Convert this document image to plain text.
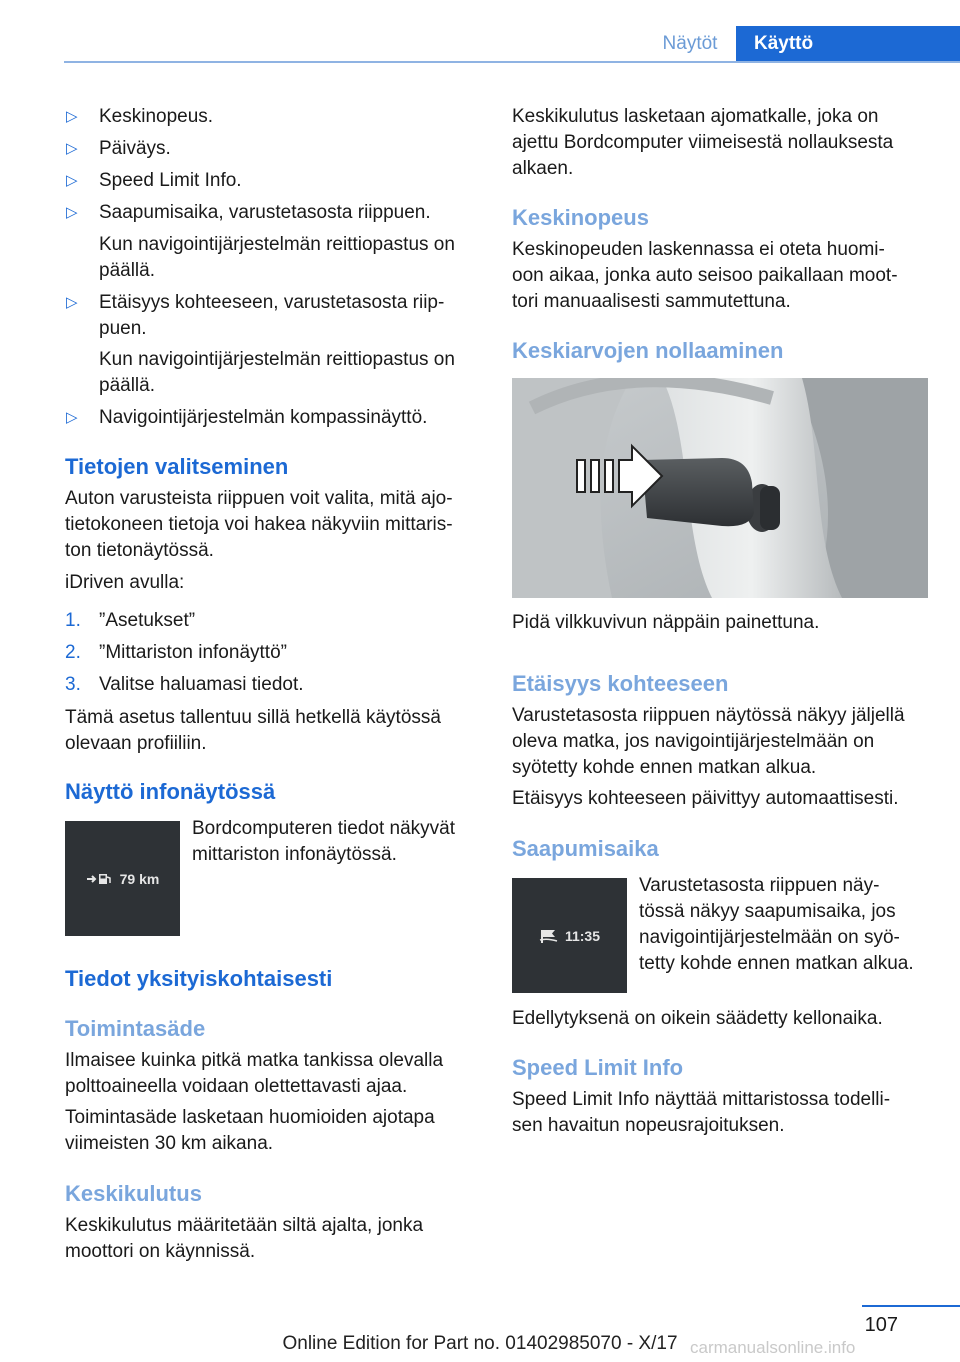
Näytöt	Käyttö
▷ Keskinopeus.

▷ Päiväys.

▷ Speed Limit Info.

▷ Saapumisaika, varustetasosta riippuen.

Kun navigointijärjestelmän reittiopastus on

päällä.

▷ Etäisyys kohteeseen, varustetasosta riip-

puen.

Kun navigointijärjestelmän reittiopastus on

päällä.

▷ Navigointijärjestelmän kompassinäyttö.

Tietojen valitseminen

Auton varusteista riippuen voit valita, mitä ajo-

tietokoneen tietoja voi hakea näkyviin mittaris-

ton tietonäytössä.

iDriven avulla:

1. ”Asetukset”

2. ”Mittariston infonäyttö”

3. Valitse haluamasi tiedot.

Tämä asetus tallentuu sillä hetkellä käytössä

olevaan profiiliin.

Näyttö infonäytössä
79 km

Bordcomputeren tiedot näkyvät

mittariston infonäytössä.

Tiedot yksityiskohtaisesti
Toimintasäde

Ilmaisee kuinka pitkä matka tankissa olevalla

polttoaineella voidaan olettettavasti ajaa.

Toimintasäde lasketaan huomioiden ajotapa

viimeisten 30 km aikana.

Keskikulutus

Keskikulutus määritetään siltä ajalta, jonka

moottori on käynnissä.

Keskikulutus lasketaan ajomatkalle, joka on

ajettu Bordcomputer viimeisestä nollauksesta

alkaen.

Keskinopeus

Keskinopeuden laskennassa ei oteta huomi-

oon aikaa, jonka auto seisoo paikallaan moot-

tori manuaalisesti sammutettuna.

Keskiarvojen nollaaminen

Pidä vilkkuvivun näppäin painettuna.

Etäisyys kohteeseen

Varustetasosta riippuen näytössä näkyy jäljellä

oleva matka, jos navigointijärjestelmään on

syötetty kohde ennen matkan alkua.

Etäisyys kohteeseen päivittyy automaattisesti.

Saapumisaika
11:35

Varustetasosta riippuen näy-

tössä näkyy saapumisaika, jos

navigointijärjestelmään on syö-

tetty kohde ennen matkan alkua.

Edellytyksenä on oikein säädetty kellonaika.

Speed Limit Info

Speed Limit Info näyttää mittaristossa todelli-

sen havaitun nopeusrajoituksen.

107
carmanualsonline.info
Online Edition for Part no. 01402985070 - X/17
